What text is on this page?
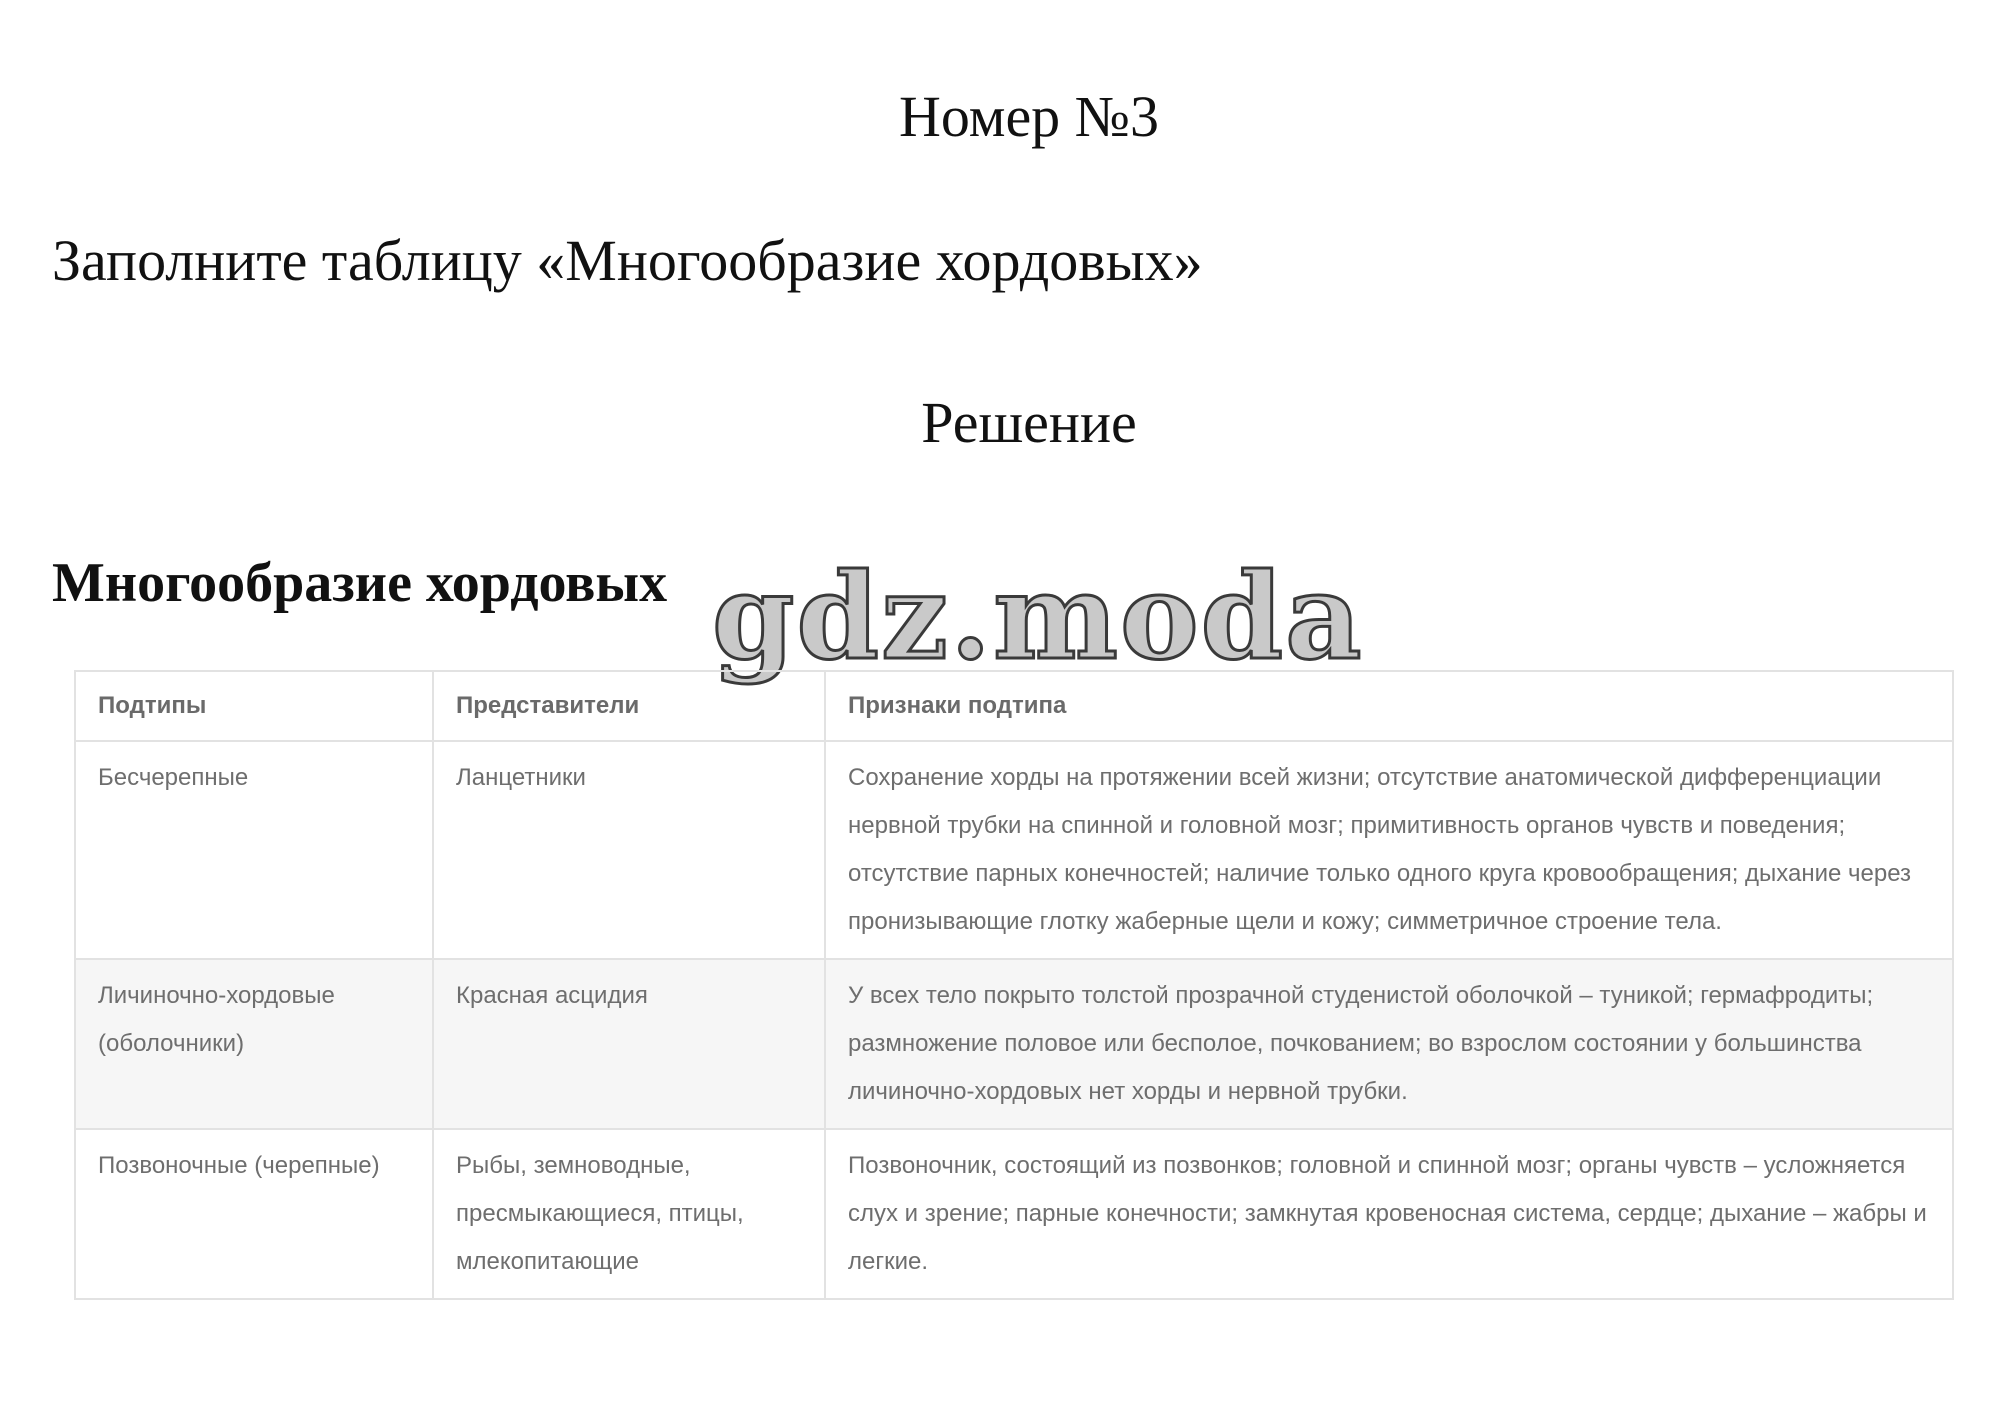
Номер №3
Заполните таблицу «Многообразие хордовых»
Решение
Многообразие хордовых gdz.moda
Подтипы	Представители	Признаки подтипа
Бесчерепные	Ланцетники	Сохранение хорды на протяжении всей жизни; отсутствие анатомической дифференциации нервной трубки на спинной и головной мозг; примитивность органов чувств и поведения; отсутствие парных конечностей; наличие только одного круга кровообращения; дыхание через пронизывающие глотку жаберные щели и кожу; симметричное строение тела.
Личиночно-хордовые (оболочники)	Красная асцидия	У всех тело покрыто толстой прозрачной студенистой оболочкой – туникой; гермафродиты; размножение половое или бесполое, почкованием; во взрослом состоянии у большинства личиночно-хордовых нет хорды и нервной трубки.
Позвоночные (черепные)	Рыбы, земноводные, пресмыкающиеся, птицы, млекопитающие	Позвоночник, состоящий из позвонков; головной и спинной мозг; органы чувств – усложняется слух и зрение; парные конечности; замкнутая кровеносная система, сердце; дыхание – жабры и легкие.
